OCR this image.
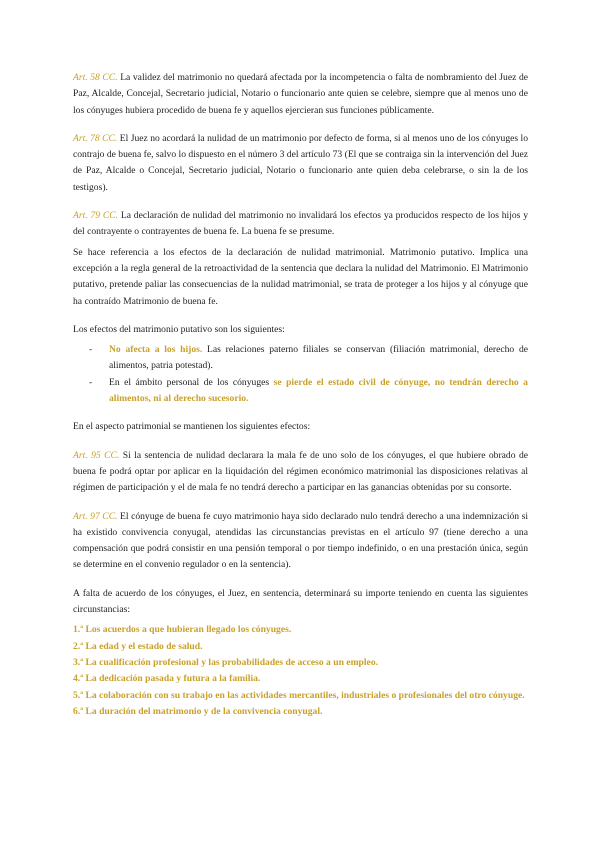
Art. 58 CC. La validez del matrimonio no quedará afectada por la incompetencia o falta de nombramiento del Juez de Paz, Alcalde, Concejal, Secretario judicial, Notario o funcionario ante quien se celebre, siempre que al menos uno de los cónyuges hubiera procedido de buena fe y aquellos ejercieran sus funciones públicamente.

Art. 78 CC. El Juez no acordará la nulidad de un matrimonio por defecto de forma, si al menos uno de los cónyuges lo contrajo de buena fe, salvo lo dispuesto en el número 3 del artículo 73 (El que se contraiga sin la intervención del Juez de Paz, Alcalde o Concejal, Secretario judicial, Notario o funcionario ante quien deba celebrarse, o sin la de los testigos).

Art. 79 CC. La declaración de nulidad del matrimonio no invalidará los efectos ya producidos respecto de los hijos y del contrayente o contrayentes de buena fe. La buena fe se presume.

Se hace referencia a los efectos de la declaración de nulidad matrimonial. Matrimonio putativo. Implica una excepción a la regla general de la retroactividad de la sentencia que declara la nulidad del Matrimonio. El Matrimonio putativo, pretende paliar las consecuencias de la nulidad matrimonial, se trata de proteger a los hijos y al cónyuge que ha contraído Matrimonio de buena fe.

Los efectos del matrimonio putativo son los siguientes:

- No afecta a los hijos. Las relaciones paterno filiales se conservan (filiación matrimonial, derecho de alimentos, patria potestad).
- En el ámbito personal de los cónyuges se pierde el estado civil de cónyuge, no tendrán derecho a alimentos, ni al derecho sucesorio.

En el aspecto patrimonial se mantienen los siguientes efectos:

Art. 95 CC. Si la sentencia de nulidad declarara la mala fe de uno solo de los cónyuges, el que hubiere obrado de buena fe podrá optar por aplicar en la liquidación del régimen económico matrimonial las disposiciones relativas al régimen de participación y el de mala fe no tendrá derecho a participar en las ganancias obtenidas por su consorte.

Art. 97 CC. El cónyuge de buena fe cuyo matrimonio haya sido declarado nulo tendrá derecho a una indemnización si ha existido convivencia conyugal, atendidas las circunstancias previstas en el artículo 97 (tiene derecho a una compensación que podrá consistir en una pensión temporal o por tiempo indefinido, o en una prestación única, según se determine en el convenio regulador o en la sentencia).

A falta de acuerdo de los cónyuges, el Juez, en sentencia, determinará su importe teniendo en cuenta las siguientes circunstancias:

1.ª Los acuerdos a que hubieran llegado los cónyuges.

2.ª La edad y el estado de salud.

3.ª La cualificación profesional y las probabilidades de acceso a un empleo.

4.ª La dedicación pasada y futura a la familia.

5.ª La colaboración con su trabajo en las actividades mercantiles, industriales o profesionales del otro cónyuge.

6.ª La duración del matrimonio y de la convivencia conyugal.
